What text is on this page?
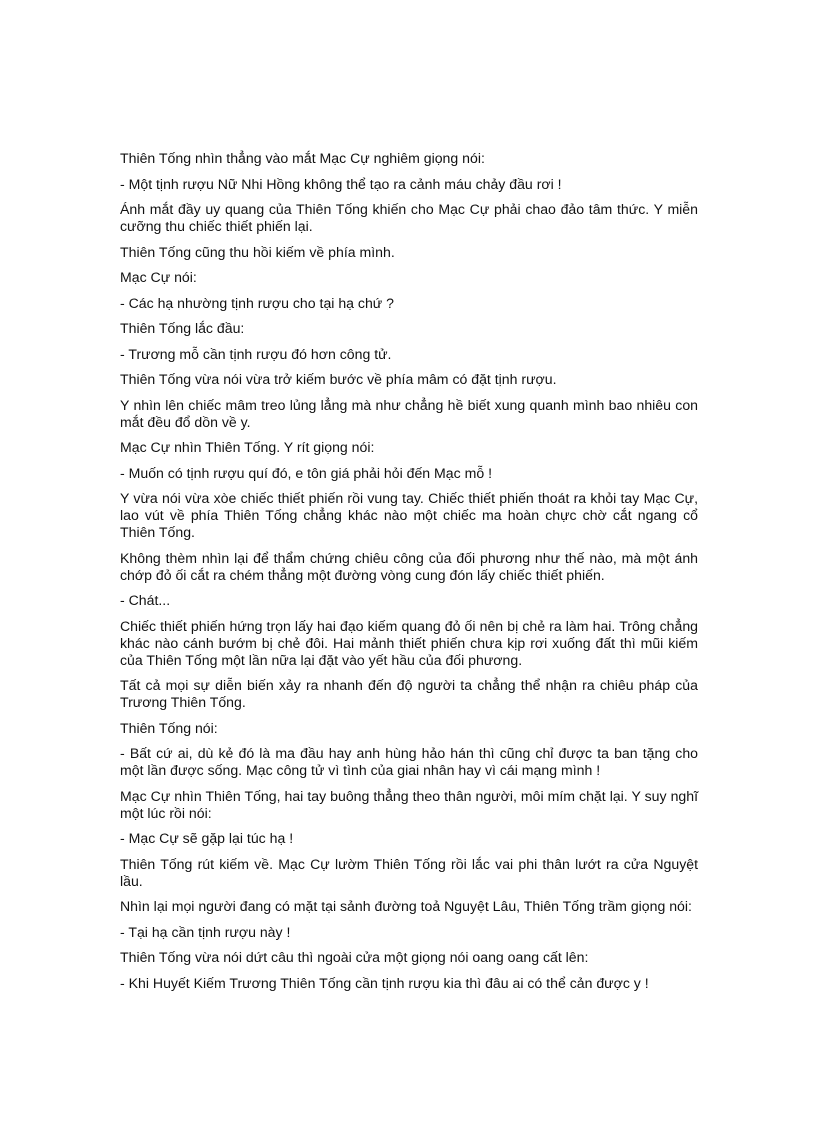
Thiên Tống nhìn thẳng vào mắt Mạc Cự nghiêm giọng nói:

- Một tịnh rượu Nữ Nhi Hồng không thể tạo ra cảnh máu chảy đầu rơi !

Ánh mắt đầy uy quang của Thiên Tống khiến cho Mạc Cự phải chao đảo tâm thức. Y miễn cưỡng thu chiếc thiết phiến lại.

Thiên Tống cũng thu hồi kiếm về phía mình.

Mạc Cự nói:

- Các hạ nhường tịnh rượu cho tại hạ chứ ?

Thiên Tống lắc đầu:

- Trương mỗ cần tịnh rượu đó hơn công tử.

Thiên Tống vừa nói vừa trở kiếm bước về phía mâm có đặt tịnh rượu.

Y nhìn lên chiếc mâm treo lủng lẳng mà như chẳng hề biết xung quanh mình bao nhiêu con mắt đều đổ dồn về y.

Mạc Cự nhìn Thiên Tống. Y rít giọng nói:

- Muốn có tịnh rượu quí đó, e tôn giá phải hỏi đến Mạc mỗ !

Y vừa nói vừa xòe chiếc thiết phiến rồi vung tay. Chiếc thiết phiến thoát ra khỏi tay Mạc Cự, lao vút về phía Thiên Tống chẳng khác nào một chiếc ma hoàn chực chờ cắt ngang cổ Thiên Tống.

Không thèm nhìn lại để thẩm chứng chiêu công của đối phương như thế nào, mà một ánh chớp đỏ ối cắt ra chém thẳng một đường vòng cung đón lấy chiếc thiết phiến.

- Chát...

Chiếc thiết phiến hứng trọn lấy hai đạo kiếm quang đỏ ối nên bị chẻ ra làm hai. Trông chẳng khác nào cánh bướm bị chẻ đôi. Hai mảnh thiết phiến chưa kịp rơi xuống đất thì mũi kiếm của Thiên Tống một lần nữa lại đặt vào yết hầu của đối phương.

Tất cả mọi sự diễn biến xảy ra nhanh đến độ người ta chẳng thể nhận ra chiêu pháp của Trương Thiên Tống.

Thiên Tống nói:

- Bất cứ ai, dù kẻ đó là ma đầu hay anh hùng hảo hán thì cũng chỉ được ta ban tặng cho một lần được sống. Mạc công tử vì tình của giai nhân hay vì cái mạng mình !

Mạc Cự nhìn Thiên Tống, hai tay buông thẳng theo thân người, môi mím chặt lại. Y suy nghĩ một lúc rồi nói:

- Mạc Cự sẽ gặp lại túc hạ !

Thiên Tống rút kiếm về. Mạc Cự lườm Thiên Tống rồi lắc vai phi thân lướt ra cửa Nguyệt lầu.

Nhìn lại mọi người đang có mặt tại sảnh đường toả Nguyệt Lâu, Thiên Tống trầm giọng nói:

- Tại hạ cần tịnh rượu này !

Thiên Tống vừa nói dứt câu thì ngoài cửa một giọng nói oang oang cất lên:

- Khi Huyết Kiếm Trương Thiên Tống cần tịnh rượu kia thì đâu ai có thể cản được y !
